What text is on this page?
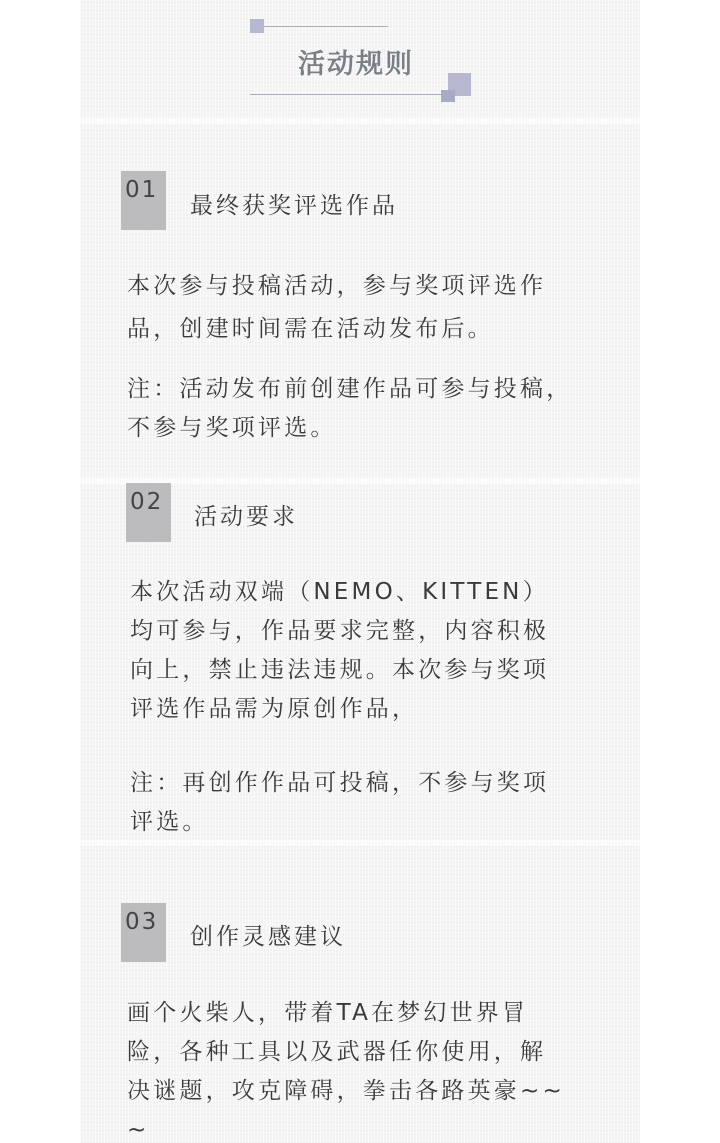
活动规则
01
最终获奖评选作品

本次参与投稿活动，参与奖项评选作
品，创建时间需在活动发布后。

注：活动发布前创建作品可参与投稿，
不参与奖项评选。

02
活动要求

本次活动双端（NEMO、KITTEN）
均可参与，作品要求完整，内容积极
向上，禁止违法违规。本次参与奖项
评选作品需为原创作品，

注：再创作作品可投稿，不参与奖项
评选。

03
创作灵感建议

画个火柴人，带着TA在梦幻世界冒
险，各种工具以及武器任你使用，解
决谜题，攻克障碍，拳击各路英豪~~
~
